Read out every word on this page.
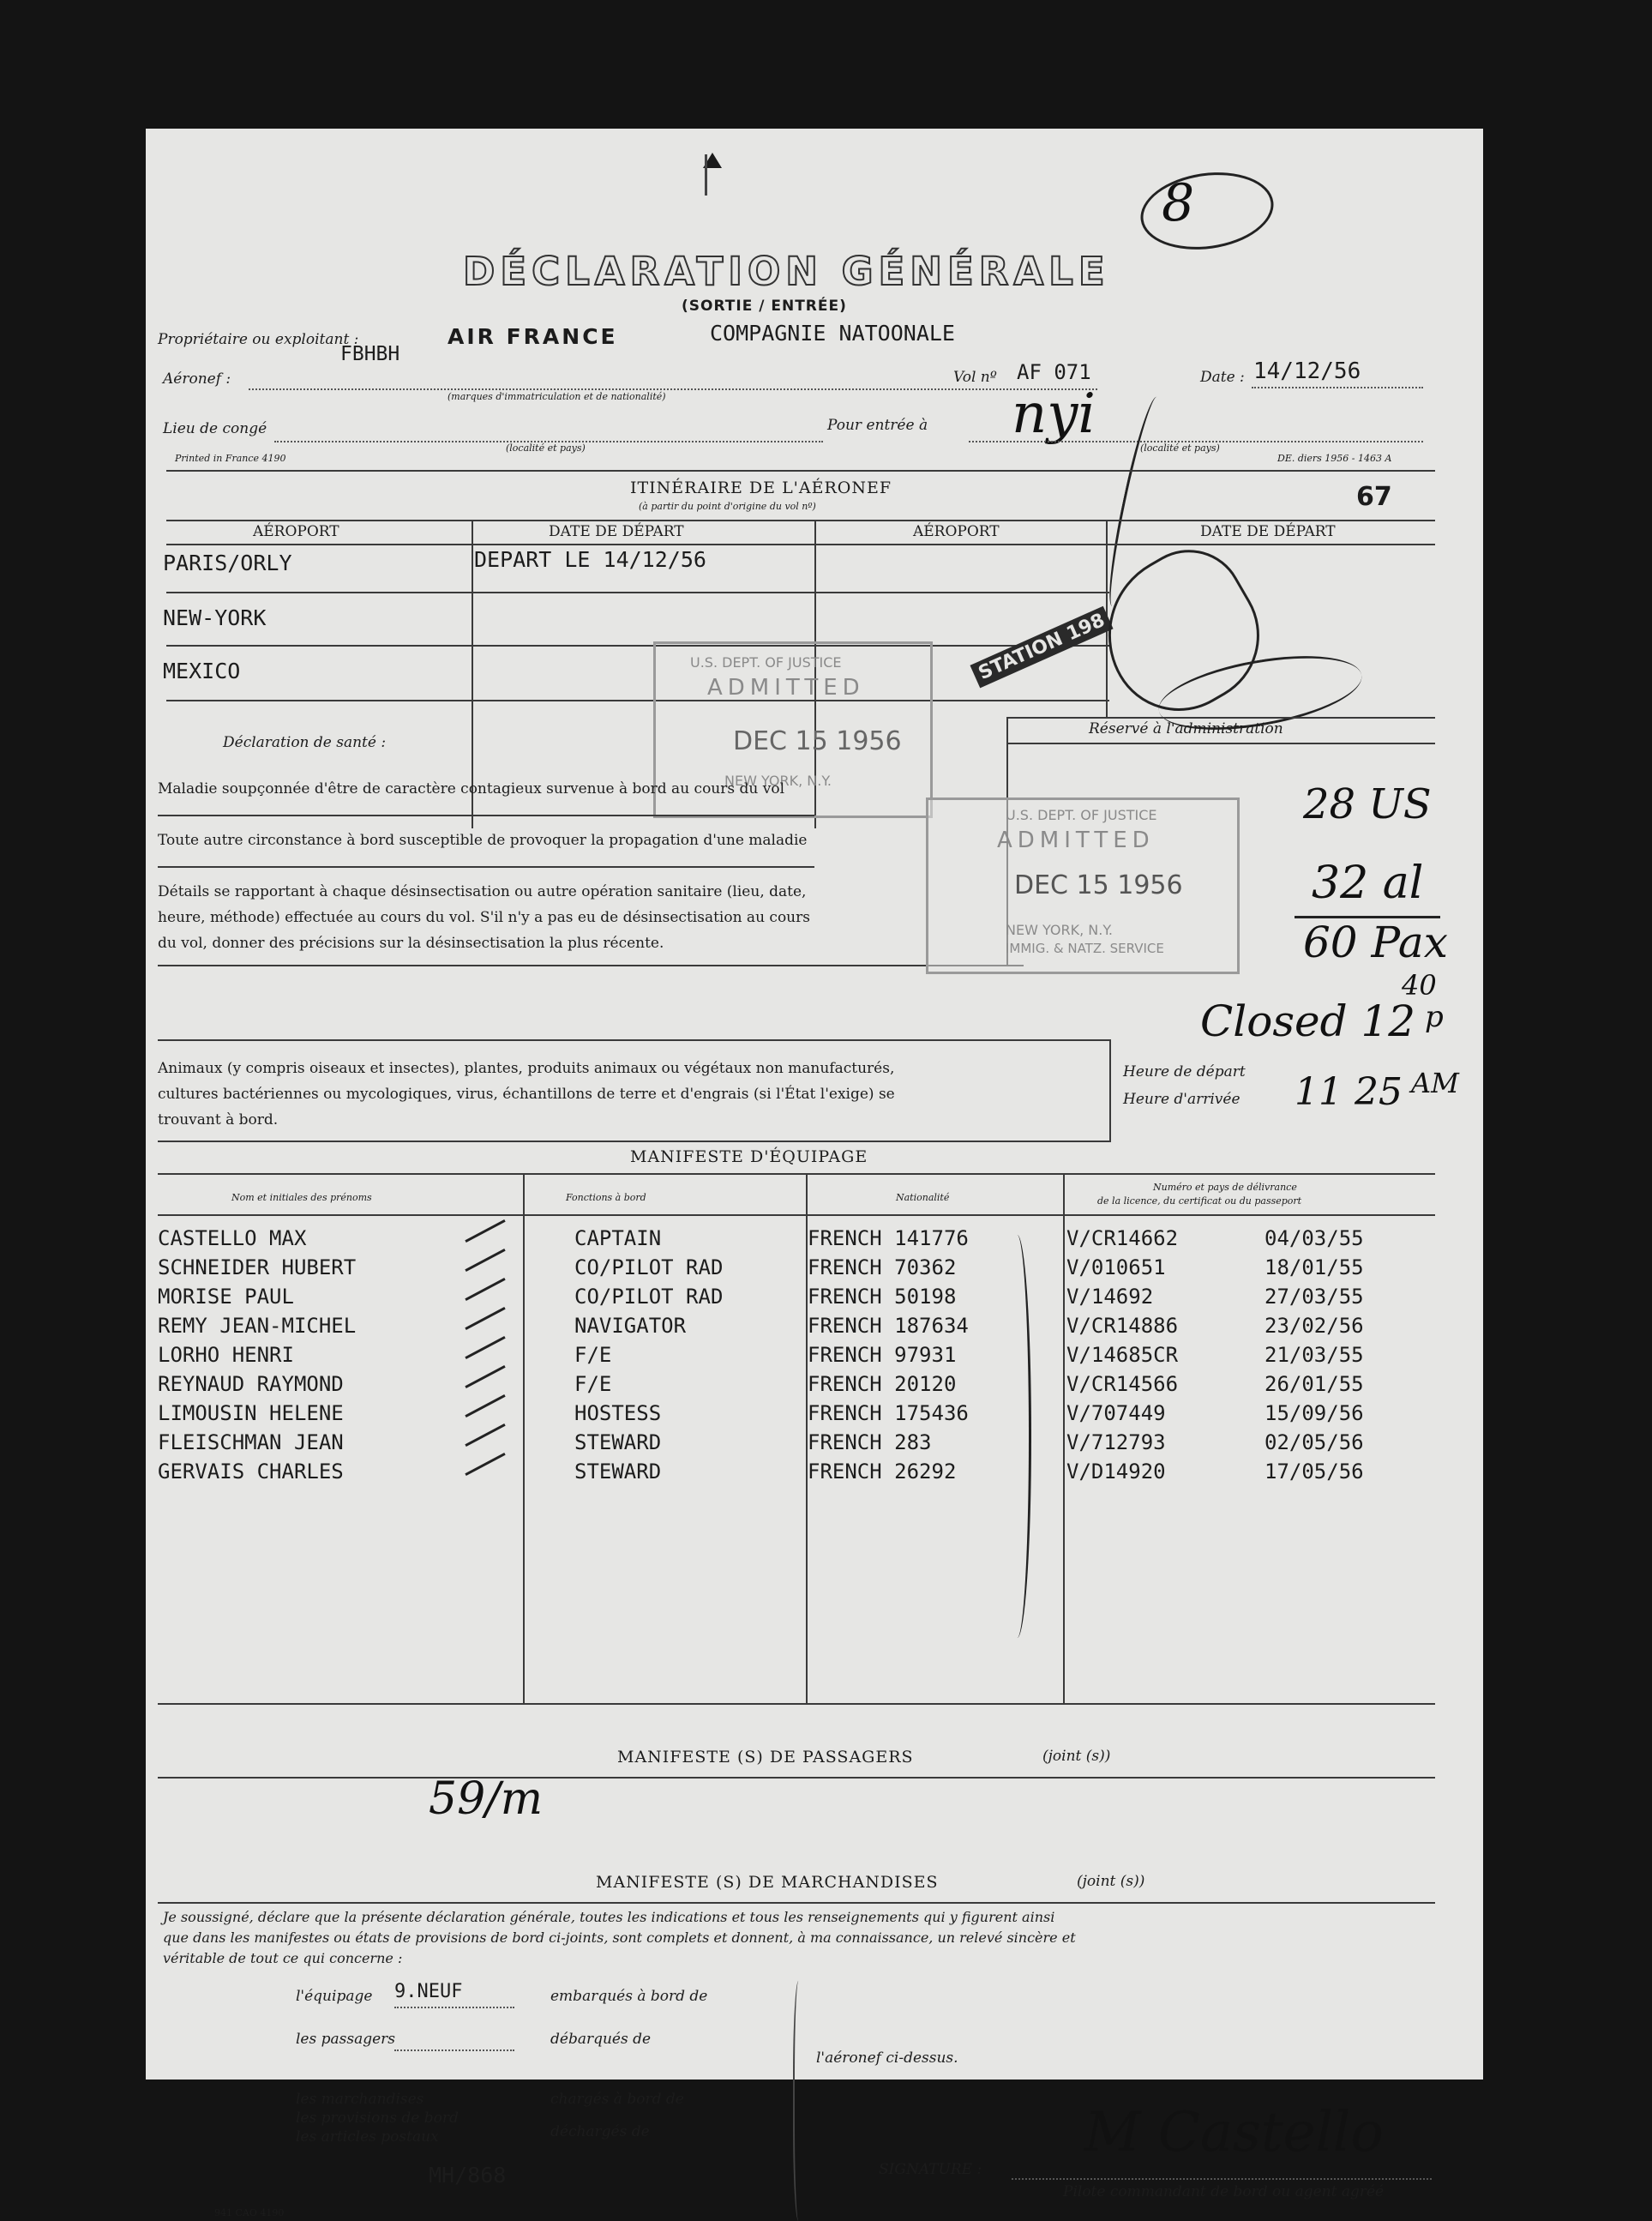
8
DÉCLARATION GÉNÉRALE
(SORTIE / ENTRÉE)
Propriétaire ou exploitant :	AIR FRANCE	COMPAGNIE NATOONALE
Aéronef :
FBHBH
(marques d'immatriculation et de nationalité)
Vol nº AF 071	Date : 14/12/56
Lieu de congé
(localité et pays)
Pour entrée à nyi
(localité et pays)
Printed in France 4190	DE. diers 1956 - 1463 A
ITINÉRAIRE DE L'AÉRONEF
(à partir du point d'origine du vol nº)	67
AÉROPORT	DATE DE DÉPART	AÉROPORT	DATE DE DÉPART
PARIS/ORLY	DEPART LE 14/12/56
NEW-YORK
MEXICO	U.S. DEPT. OF JUSTICE
ADMITTED
DEC 15 1956
NEW YORK, N.Y.
STATION 198
Déclaration de santé :
Maladie soupçonnée d'être de caractère contagieux survenue à bord au cours du vol
Toute autre circonstance à bord susceptible de provoquer la propagation d'une maladie
Détails se rapportant à chaque désinsectisation ou autre opération sanitaire (lieu, date,
heure, méthode) effectuée au cours du vol. S'il n'y a pas eu de désinsectisation au cours
du vol, donner des précisions sur la désinsectisation la plus récente.
Réservé à l'administration
U.S. DEPT. OF JUSTICE
ADMITTED
DEC 15 1956
NEW YORK, N.Y.
IMMIG. & NATZ. SERVICE
28 US
32 al
60 Pax
Closed 12
40
p
Heure de départ
Heure d'arrivée 11 25 AM
Animaux (y compris oiseaux et insectes), plantes, produits animaux ou végétaux non manufacturés,
cultures bactériennes ou mycologiques, virus, échantillons de terre et d'engrais (si l'État l'exige) se
trouvant à bord.
MANIFESTE D'ÉQUIPAGE
Nom et initiales des prénoms	Fonctions à bord	Nationalité
Numéro et pays de délivrance
de la licence, du certificat ou du passeport
CASTELLO MAX	CAPTAIN	FRENCH 141776	V/CR14662	04/03/55
SCHNEIDER HUBERT	CO/PILOT RAD	FRENCH 70362	V/010651	18/01/55
MORISE PAUL	CO/PILOT RAD	FRENCH 50198	V/14692	27/03/55
REMY JEAN-MICHEL	NAVIGATOR	FRENCH 187634	V/CR14886	23/02/56
LORHO HENRI	F/E	FRENCH 97931	V/14685CR	21/03/55
REYNAUD RAYMOND	F/E	FRENCH 20120	V/CR14566	26/01/55
LIMOUSIN HELENE	HOSTESS	FRENCH 175436	V/707449	15/09/56
FLEISCHMAN JEAN	STEWARD	FRENCH 283	V/712793	02/05/56
GERVAIS CHARLES	STEWARD	FRENCH 26292	V/D14920	17/05/56
MANIFESTE (S) DE PASSAGERS	(joint (s))
59/m
MANIFESTE (S) DE MARCHANDISES	(joint (s))
Je soussigné, déclare que la présente déclaration générale, toutes les indications et tous les renseignements qui y figurent ainsi
que dans les manifestes ou états de provisions de bord ci-joints, sont complets et donnent, à ma connaissance, un relevé sincère et
véritable de tout ce qui concerne :
l'équipage 9.NEUF	embarqués à bord de
les passagers	débarqués de
l'aéronef ci-dessus.
les marchandises	chargés à bord de
les provisions de bord
les articles postaux	déchargés de
SIGNATURE :
M Castello
Pilote commandant de bord ou agent agréé
MH/868
941 CAO 4190
